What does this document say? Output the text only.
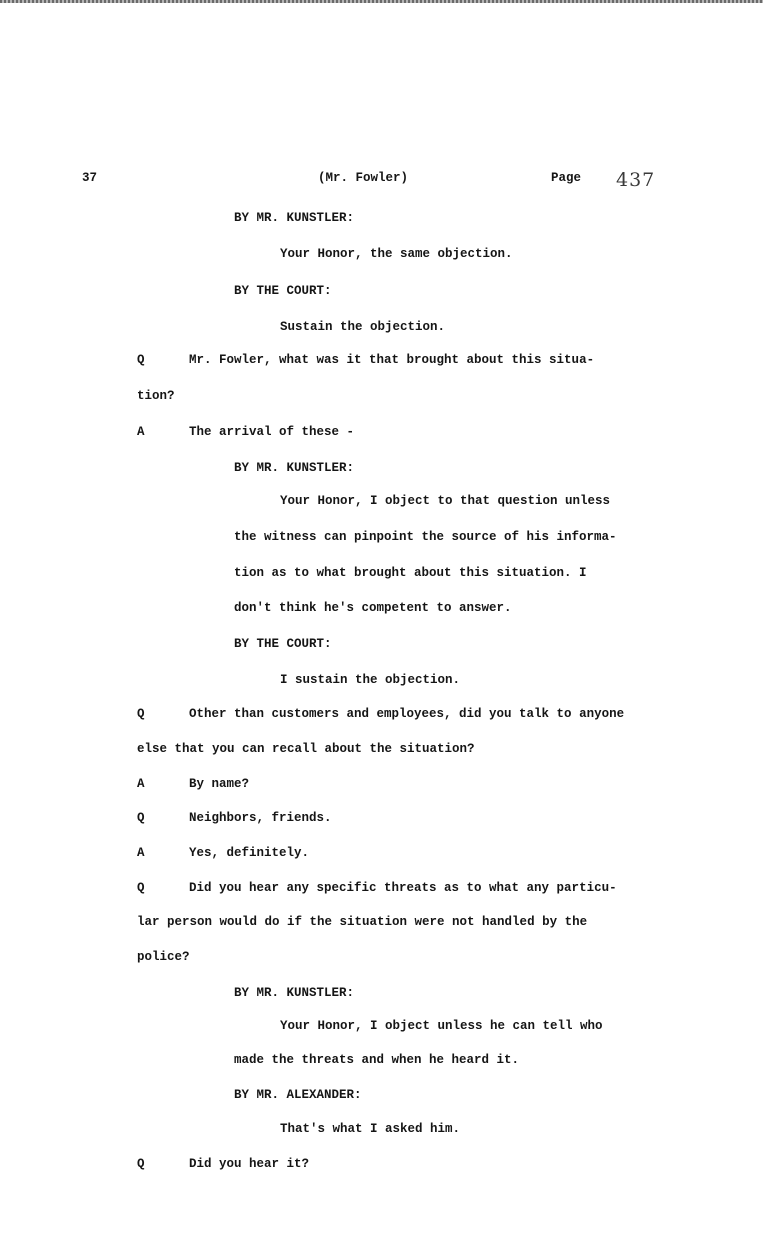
37	(Mr. Fowler)	Page 437
BY MR. KUNSTLER:
Your Honor, the same objection.
BY THE COURT:
Sustain the objection.
Q	Mr. Fowler, what was it that brought about this situa-
tion?
A	The arrival of these -
BY MR. KUNSTLER:
Your Honor, I object to that question unless
the witness can pinpoint the source of his informa-
tion as to what brought about this situation. I
don't think he's competent to answer.
BY THE COURT:
I sustain the objection.
Q	Other than customers and employees, did you talk to anyone
else that you can recall about the situation?
A	By name?
Q	Neighbors, friends.
A	Yes, definitely.
Q	Did you hear any specific threats as to what any particu-
lar person would do if the situation were not handled by the
police?
BY MR. KUNSTLER:
Your Honor, I object unless he can tell who
made the threats and when he heard it.
BY MR. ALEXANDER:
That's what I asked him.
Q	Did you hear it?
